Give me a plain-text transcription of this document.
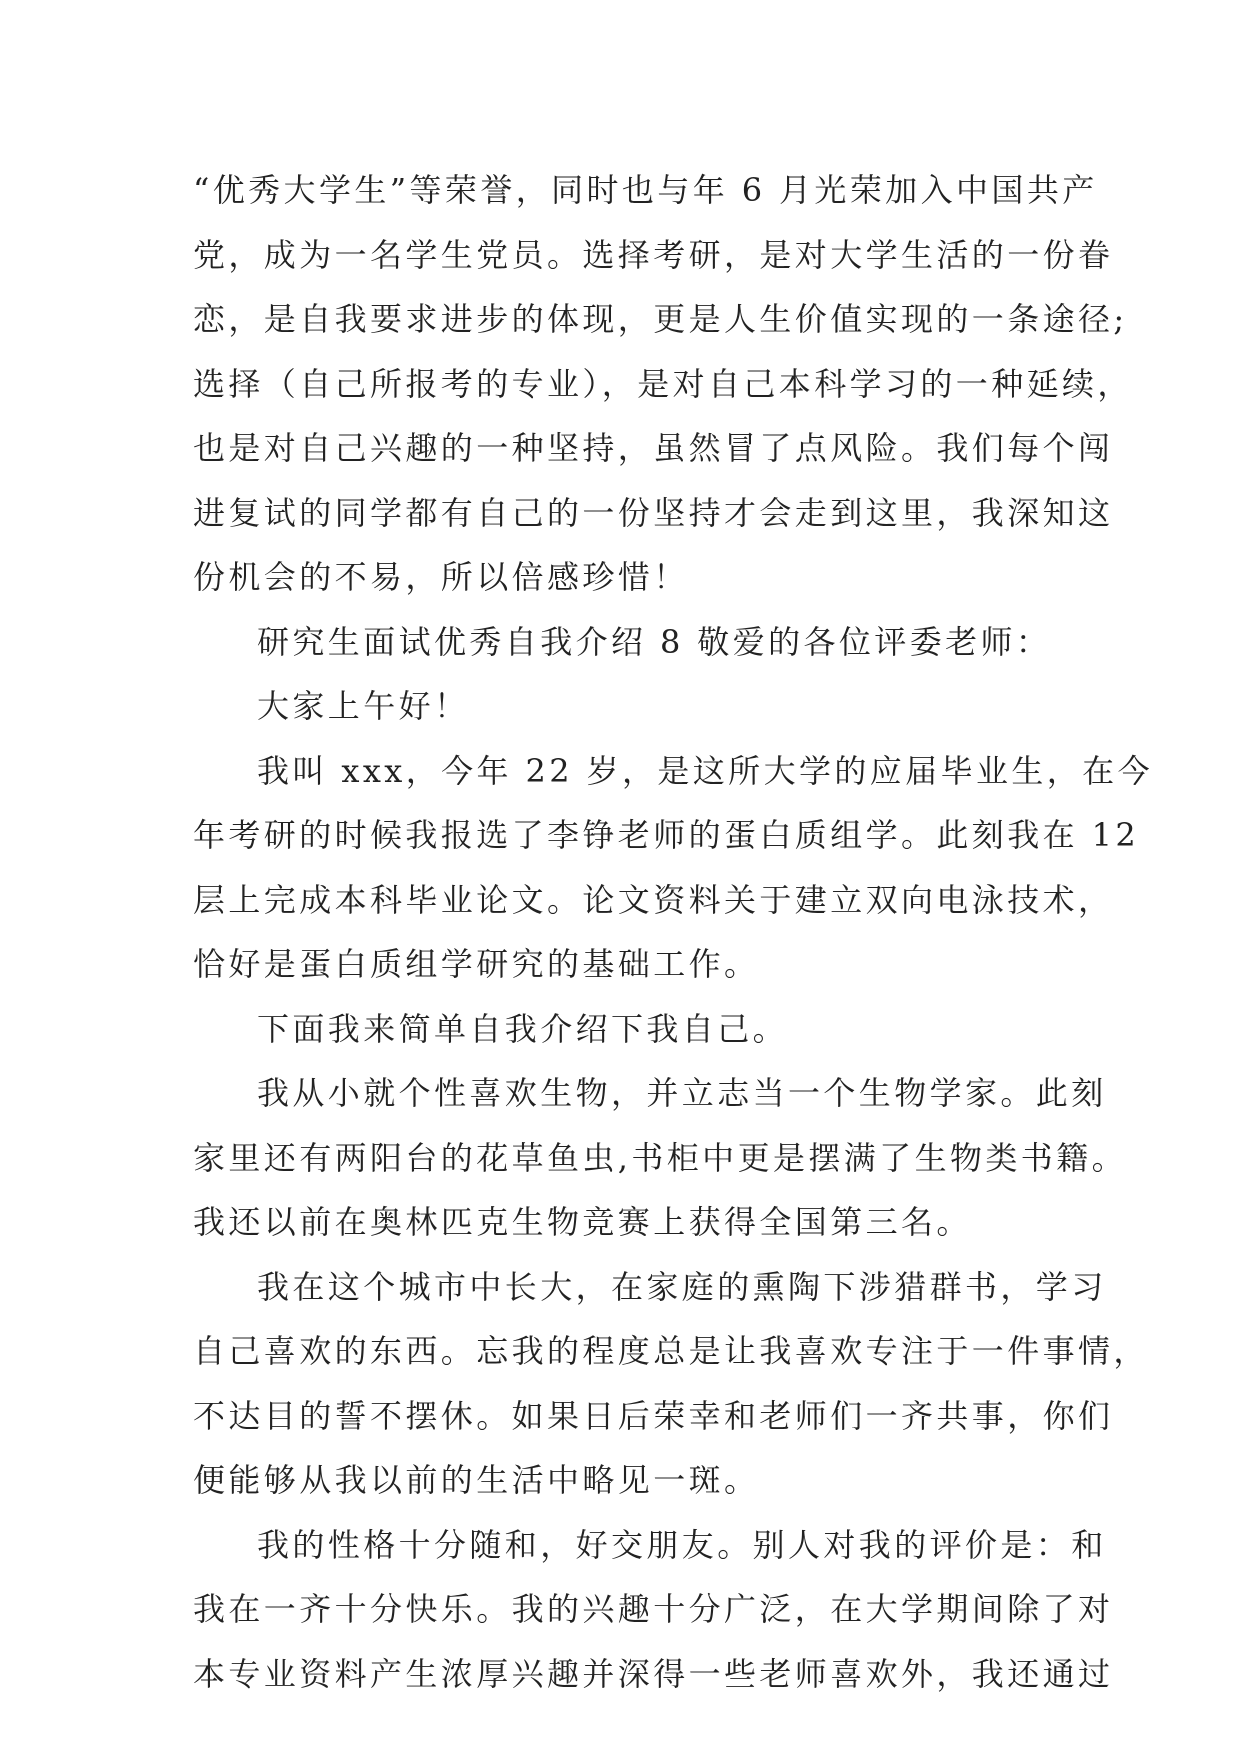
“优秀大学生”等荣誉，同时也与年 6 月光荣加入中国共产
党，成为一名学生党员。选择考研，是对大学生活的一份眷
恋，是自我要求进步的体现，更是人生价值实现的一条途径;
选择（自己所报考的专业），是对自己本科学习的一种延续，
也是对自己兴趣的一种坚持，虽然冒了点风险。我们每个闯
进复试的同学都有自己的一份坚持才会走到这里，我深知这
份机会的不易，所以倍感珍惜！
研究生面试优秀自我介绍 8 敬爱的各位评委老师：
大家上午好！
我叫 xxx，今年 22 岁，是这所大学的应届毕业生，在今
年考研的时候我报选了李铮老师的蛋白质组学。此刻我在 12
层上完成本科毕业论文。论文资料关于建立双向电泳技术，
恰好是蛋白质组学研究的基础工作。
下面我来简单自我介绍下我自己。
我从小就个性喜欢生物，并立志当一个生物学家。此刻
家里还有两阳台的花草鱼虫,书柜中更是摆满了生物类书籍。
我还以前在奥林匹克生物竞赛上获得全国第三名。
我在这个城市中长大，在家庭的熏陶下涉猎群书，学习
自己喜欢的东西。忘我的程度总是让我喜欢专注于一件事情，
不达目的誓不摆休。如果日后荣幸和老师们一齐共事，你们
便能够从我以前的生活中略见一斑。
我的性格十分随和，好交朋友。别人对我的评价是：和
我在一齐十分快乐。我的兴趣十分广泛，在大学期间除了对
本专业资料产生浓厚兴趣并深得一些老师喜欢外，我还通过
